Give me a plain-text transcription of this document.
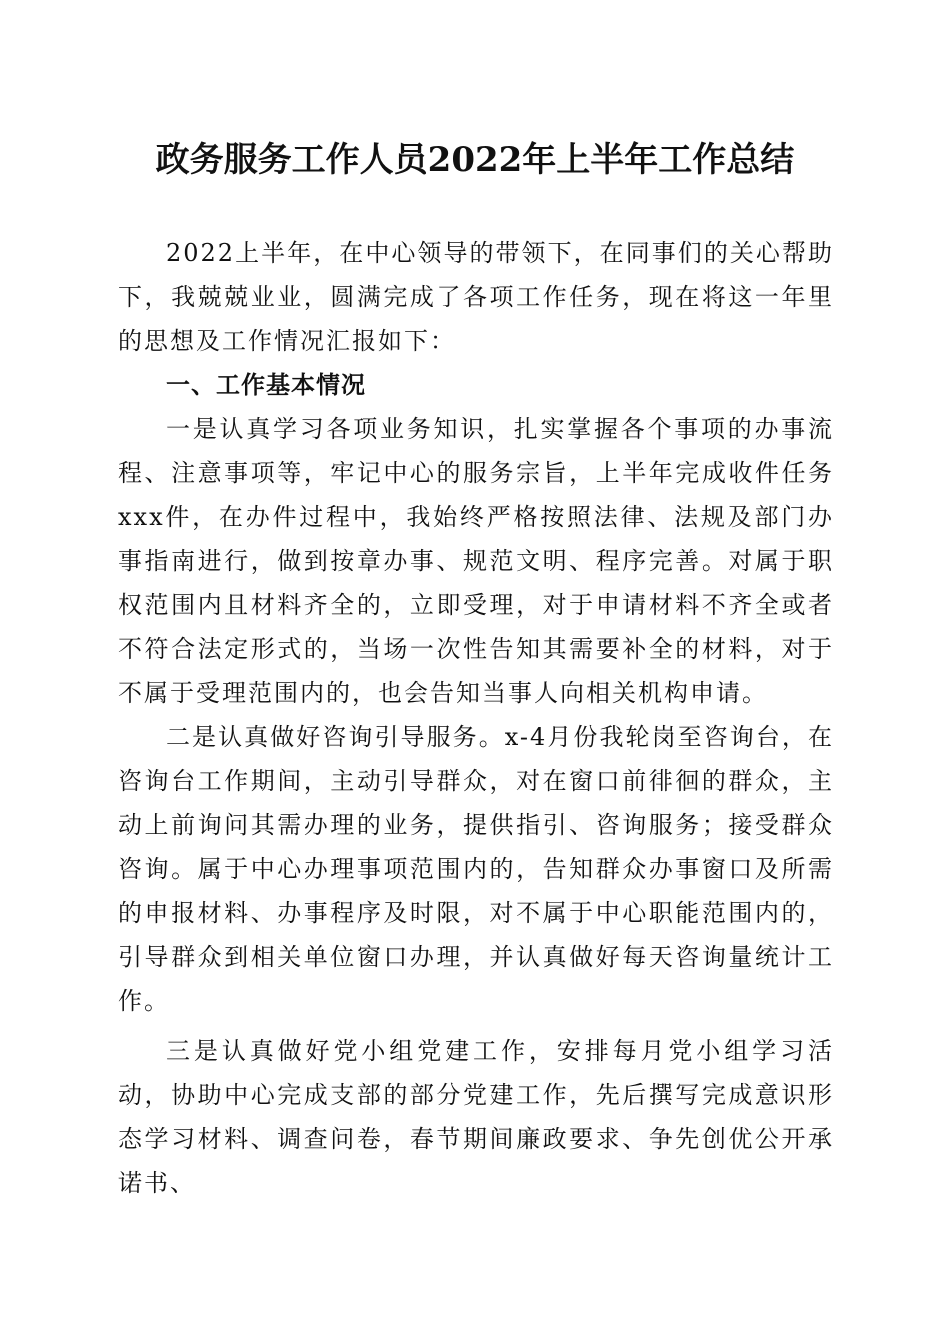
政务服务工作人员2022年上半年工作总结

2022上半年，在中心领导的带领下，在同事们的关心帮助下，我兢兢业业，圆满完成了各项工作任务，现在将这一年里的思想及工作情况汇报如下：

一、工作基本情况

一是认真学习各项业务知识，扎实掌握各个事项的办事流程、注意事项等，牢记中心的服务宗旨，上半年完成收件任务xxx件，在办件过程中，我始终严格按照法律、法规及部门办事指南进行，做到按章办事、规范文明、程序完善。对属于职权范围内且材料齐全的，立即受理，对于申请材料不齐全或者不符合法定形式的，当场一次性告知其需要补全的材料，对于不属于受理范围内的，也会告知当事人向相关机构申请。

二是认真做好咨询引导服务。x-4月份我轮岗至咨询台，在咨询台工作期间，主动引导群众，对在窗口前徘徊的群众，主动上前询问其需办理的业务，提供指引、咨询服务；接受群众咨询。属于中心办理事项范围内的，告知群众办事窗口及所需的申报材料、办事程序及时限，对不属于中心职能范围内的，引导群众到相关单位窗口办理，并认真做好每天咨询量统计工作。

三是认真做好党小组党建工作，安排每月党小组学习活动，协助中心完成支部的部分党建工作，先后撰写完成意识形态学习材料、调查问卷，春节期间廉政要求、争先创优公开承诺书、
